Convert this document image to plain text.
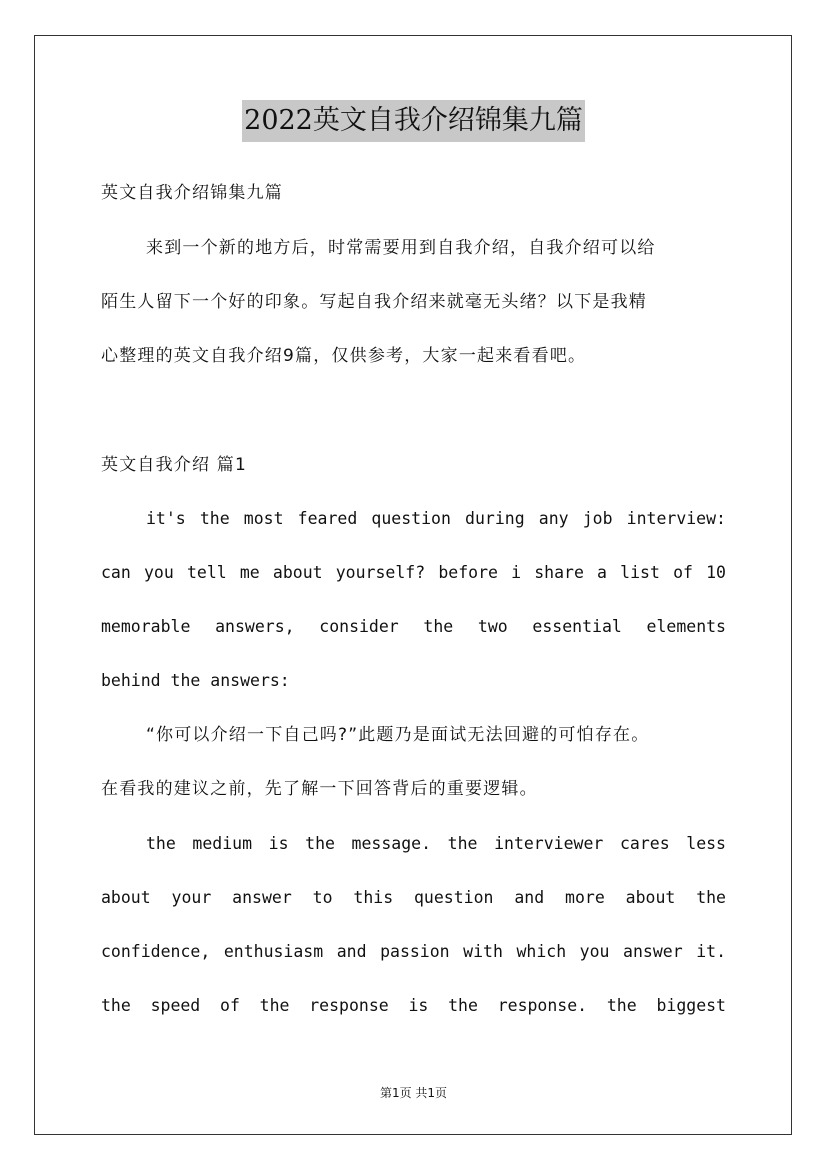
2022英文自我介绍锦集九篇
英文自我介绍锦集九篇
来到一个新的地方后，时常需要用到自我介绍，自我介绍可以给
陌生人留下一个好的印象。写起自我介绍来就毫无头绪？以下是我精
心整理的英文自我介绍9篇，仅供参考，大家一起来看看吧。
英文自我介绍 篇1
it's the most feared question during any job interview:
can you tell me about yourself? before i share a list of 10
memorable answers, consider the two essential elements
behind the answers:
“你可以介绍一下自己吗?”此题乃是面试无法回避的可怕存在。
在看我的建议之前，先了解一下回答背后的重要逻辑。
the medium is the message. the interviewer cares less
about your answer to this question and more about the
confidence, enthusiasm and passion with which you answer it.
the speed of the response is the response. the biggest
第1页 共1页
